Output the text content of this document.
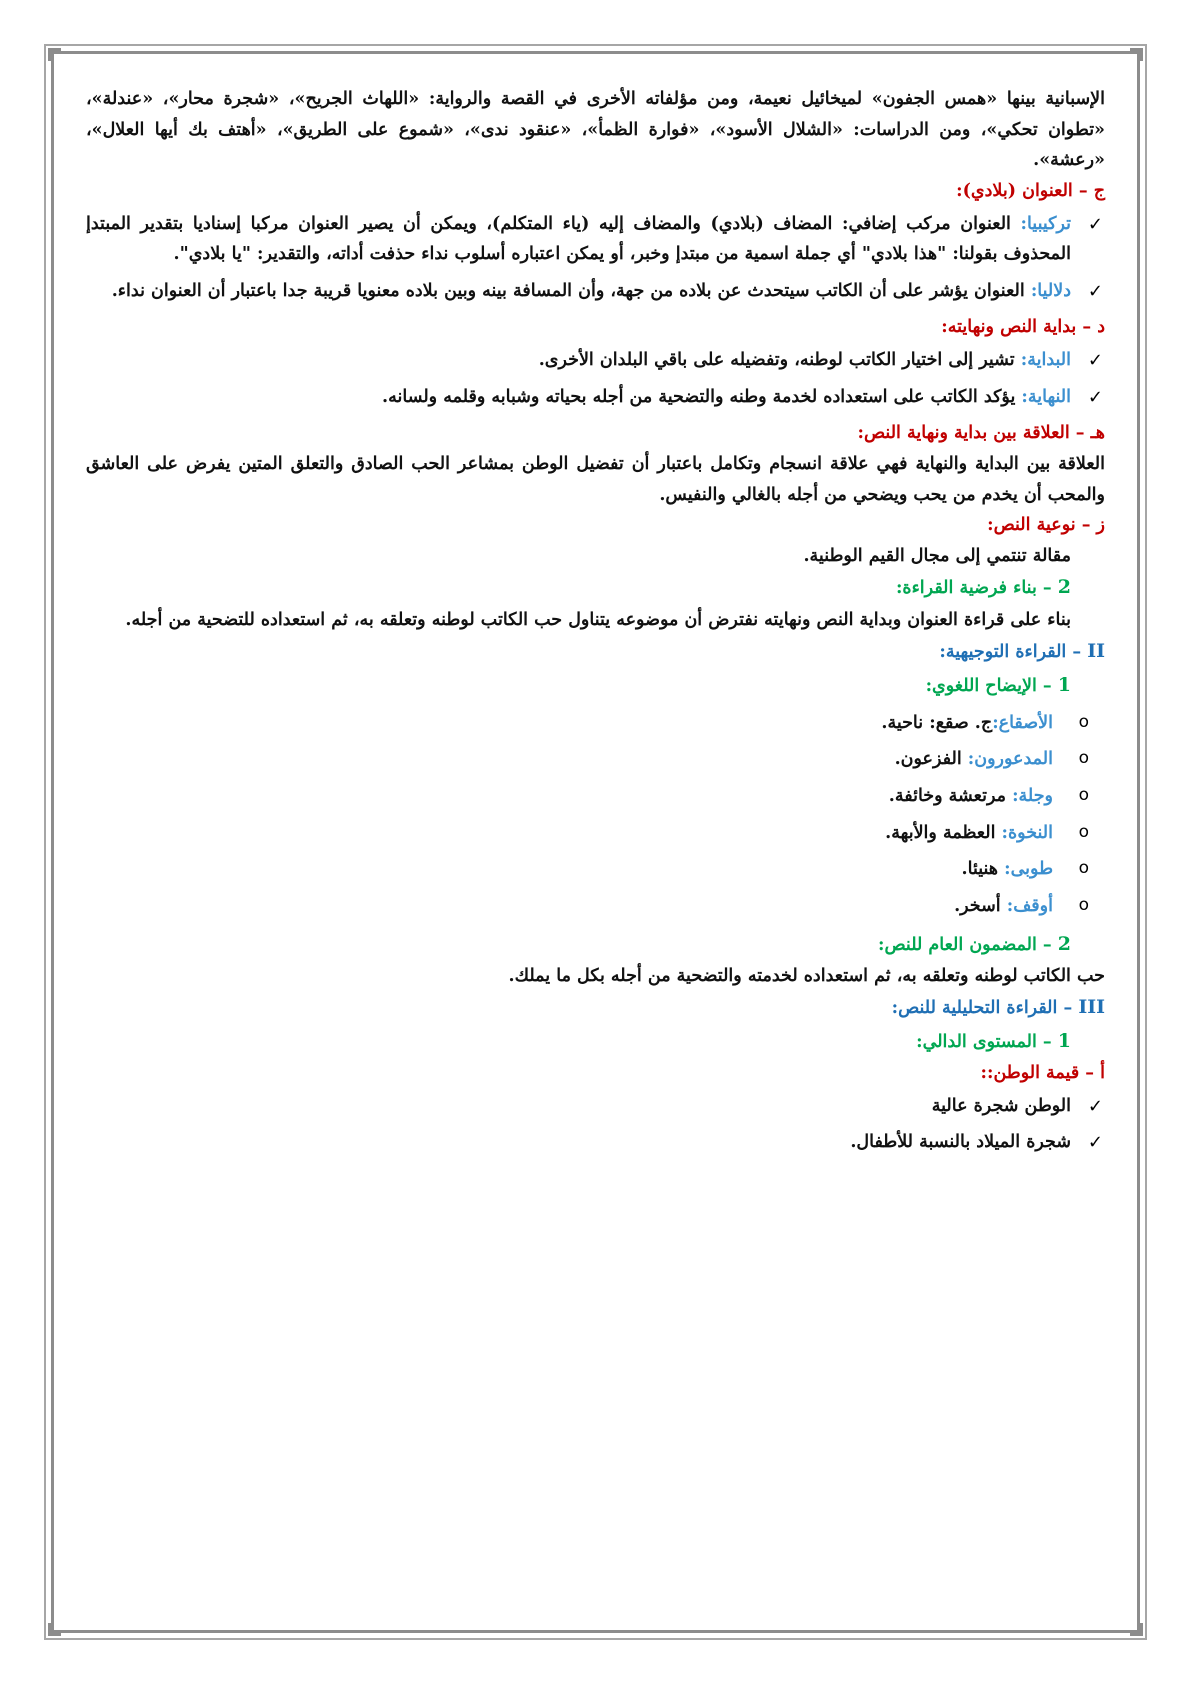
الإسبانية بينها «همس الجفون» لميخائيل نعيمة، ومن مؤلفاته الأخرى في القصة والرواية: «اللهاث الجريح»، «شجرة محار»، «عندلة»، «تطوان تحكي»، ومن الدراسات: «الشلال الأسود»، «فوارة الظمأ»، «عنقود ندى»، «شموع على الطريق»، «أهتف بك أيها العلال»، «رعشة».

ج – العنوان (بلادي):

✓
تركيبيا: العنوان مركب إضافي: المضاف (بلادي) والمضاف إليه (ياء المتكلم)، ويمكن أن يصير العنوان مركبا إسناديا بتقدير المبتدإ المحذوف بقولنا: "هذا بلادي" أي جملة اسمية من مبتدإ وخبر، أو يمكن اعتباره أسلوب نداء حذفت أداته، والتقدير: "يا بلادي".
✓
دلاليا: العنوان يؤشر على أن الكاتب سيتحدث عن بلاده من جهة، وأن المسافة بينه وبين بلاده معنويا قريبة جدا باعتبار أن العنوان نداء.

د – بداية النص ونهايته:

✓
البداية: تشير إلى اختيار الكاتب لوطنه، وتفضيله على باقي البلدان الأخرى.
✓
النهاية: يؤكد الكاتب على استعداده لخدمة وطنه والتضحية من أجله بحياته وشبابه وقلمه ولسانه.

هـ – العلاقة بين بداية ونهاية النص:

العلاقة بين البداية والنهاية فهي علاقة انسجام وتكامل باعتبار أن تفضيل الوطن بمشاعر الحب الصادق والتعلق المتين يفرض على العاشق والمحب أن يخدم من يحب ويضحي من أجله بالغالي والنفيس.

ز – نوعية النص:

مقالة تنتمي إلى مجال القيم الوطنية.

2 – بناء فرضية القراءة:

بناء على قراءة العنوان وبداية النص ونهايته نفترض أن موضوعه يتناول حب الكاتب لوطنه وتعلقه به، ثم استعداده للتضحية من أجله.

II – القراءة التوجيهية:

1 – الإيضاح اللغوي:

o
الأصقاع:ج. صقع: ناحية.
o
المدعورون: الفزعون.
o
وجلة: مرتعشة وخائفة.
o
النخوة: العظمة والأبهة.
o
طوبى: هنيئا.
o
أوقف: أسخر.

2 – المضمون العام للنص:

حب الكاتب لوطنه وتعلقه به، ثم استعداده لخدمته والتضحية من أجله بكل ما يملك.

III – القراءة التحليلية للنص:

1 – المستوى الدالي:

أ – قيمة الوطن::

✓
الوطن شجرة عالية
✓
شجرة الميلاد بالنسبة للأطفال.
